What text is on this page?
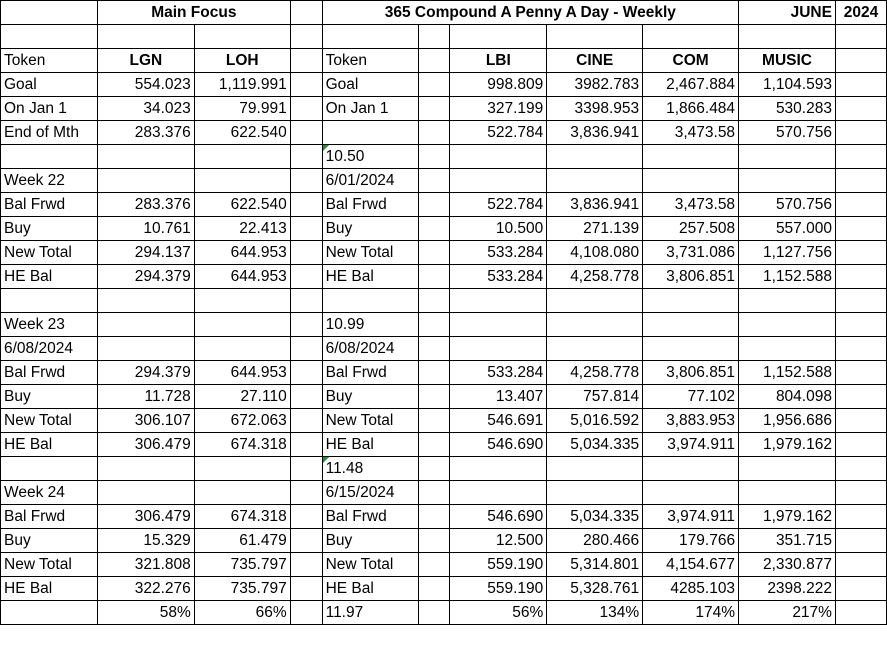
	Main Focus			365 Compound A Penny A Day - Weekly					JUNE	2024

Token	LGN	LOH		Token		LBI	CINE	COM	MUSIC	
Goal	554.023	1,119.991		Goal		998.809	3982.783	2,467.884	1,104.593	
On Jan 1	34.023	79.991		On Jan 1		327.199	3398.953	1,866.484	530.283	
End of Mth	283.376	622.540				522.784	3,836.941	3,473.58	570.756	
				10.50						
Week 22				6/01/2024						
Bal Frwd	283.376	622.540		Bal Frwd		522.784	3,836.941	3,473.58	570.756	
Buy	10.761	22.413		Buy		10.500	271.139	257.508	557.000	
New Total	294.137	644.953		New Total		533.284	4,108.080	3,731.086	1,127.756	
HE Bal	294.379	644.953		HE Bal		533.284	4,258.778	3,806.851	1,152.588	

Week 23				10.99						
6/08/2024				6/08/2024						
Bal Frwd	294.379	644.953		Bal Frwd		533.284	4,258.778	3,806.851	1,152.588	
Buy	11.728	27.110		Buy		13.407	757.814	77.102	804.098	
New Total	306.107	672.063		New Total		546.691	5,016.592	3,883.953	1,956.686	
HE Bal	306.479	674.318		HE Bal		546.690	5,034.335	3,974.911	1,979.162	
				11.48						
Week 24				6/15/2024						
Bal Frwd	306.479	674.318		Bal Frwd		546.690	5,034.335	3,974.911	1,979.162	
Buy	15.329	61.479		Buy		12.500	280.466	179.766	351.715	
New Total	321.808	735.797		New Total		559.190	5,314.801	4,154.677	2,330.877	
HE Bal	322.276	735.797		HE Bal		559.190	5,328.761	4285.103	2398.222	
	58%	66%		11.97		56%	134%	174%	217%	
